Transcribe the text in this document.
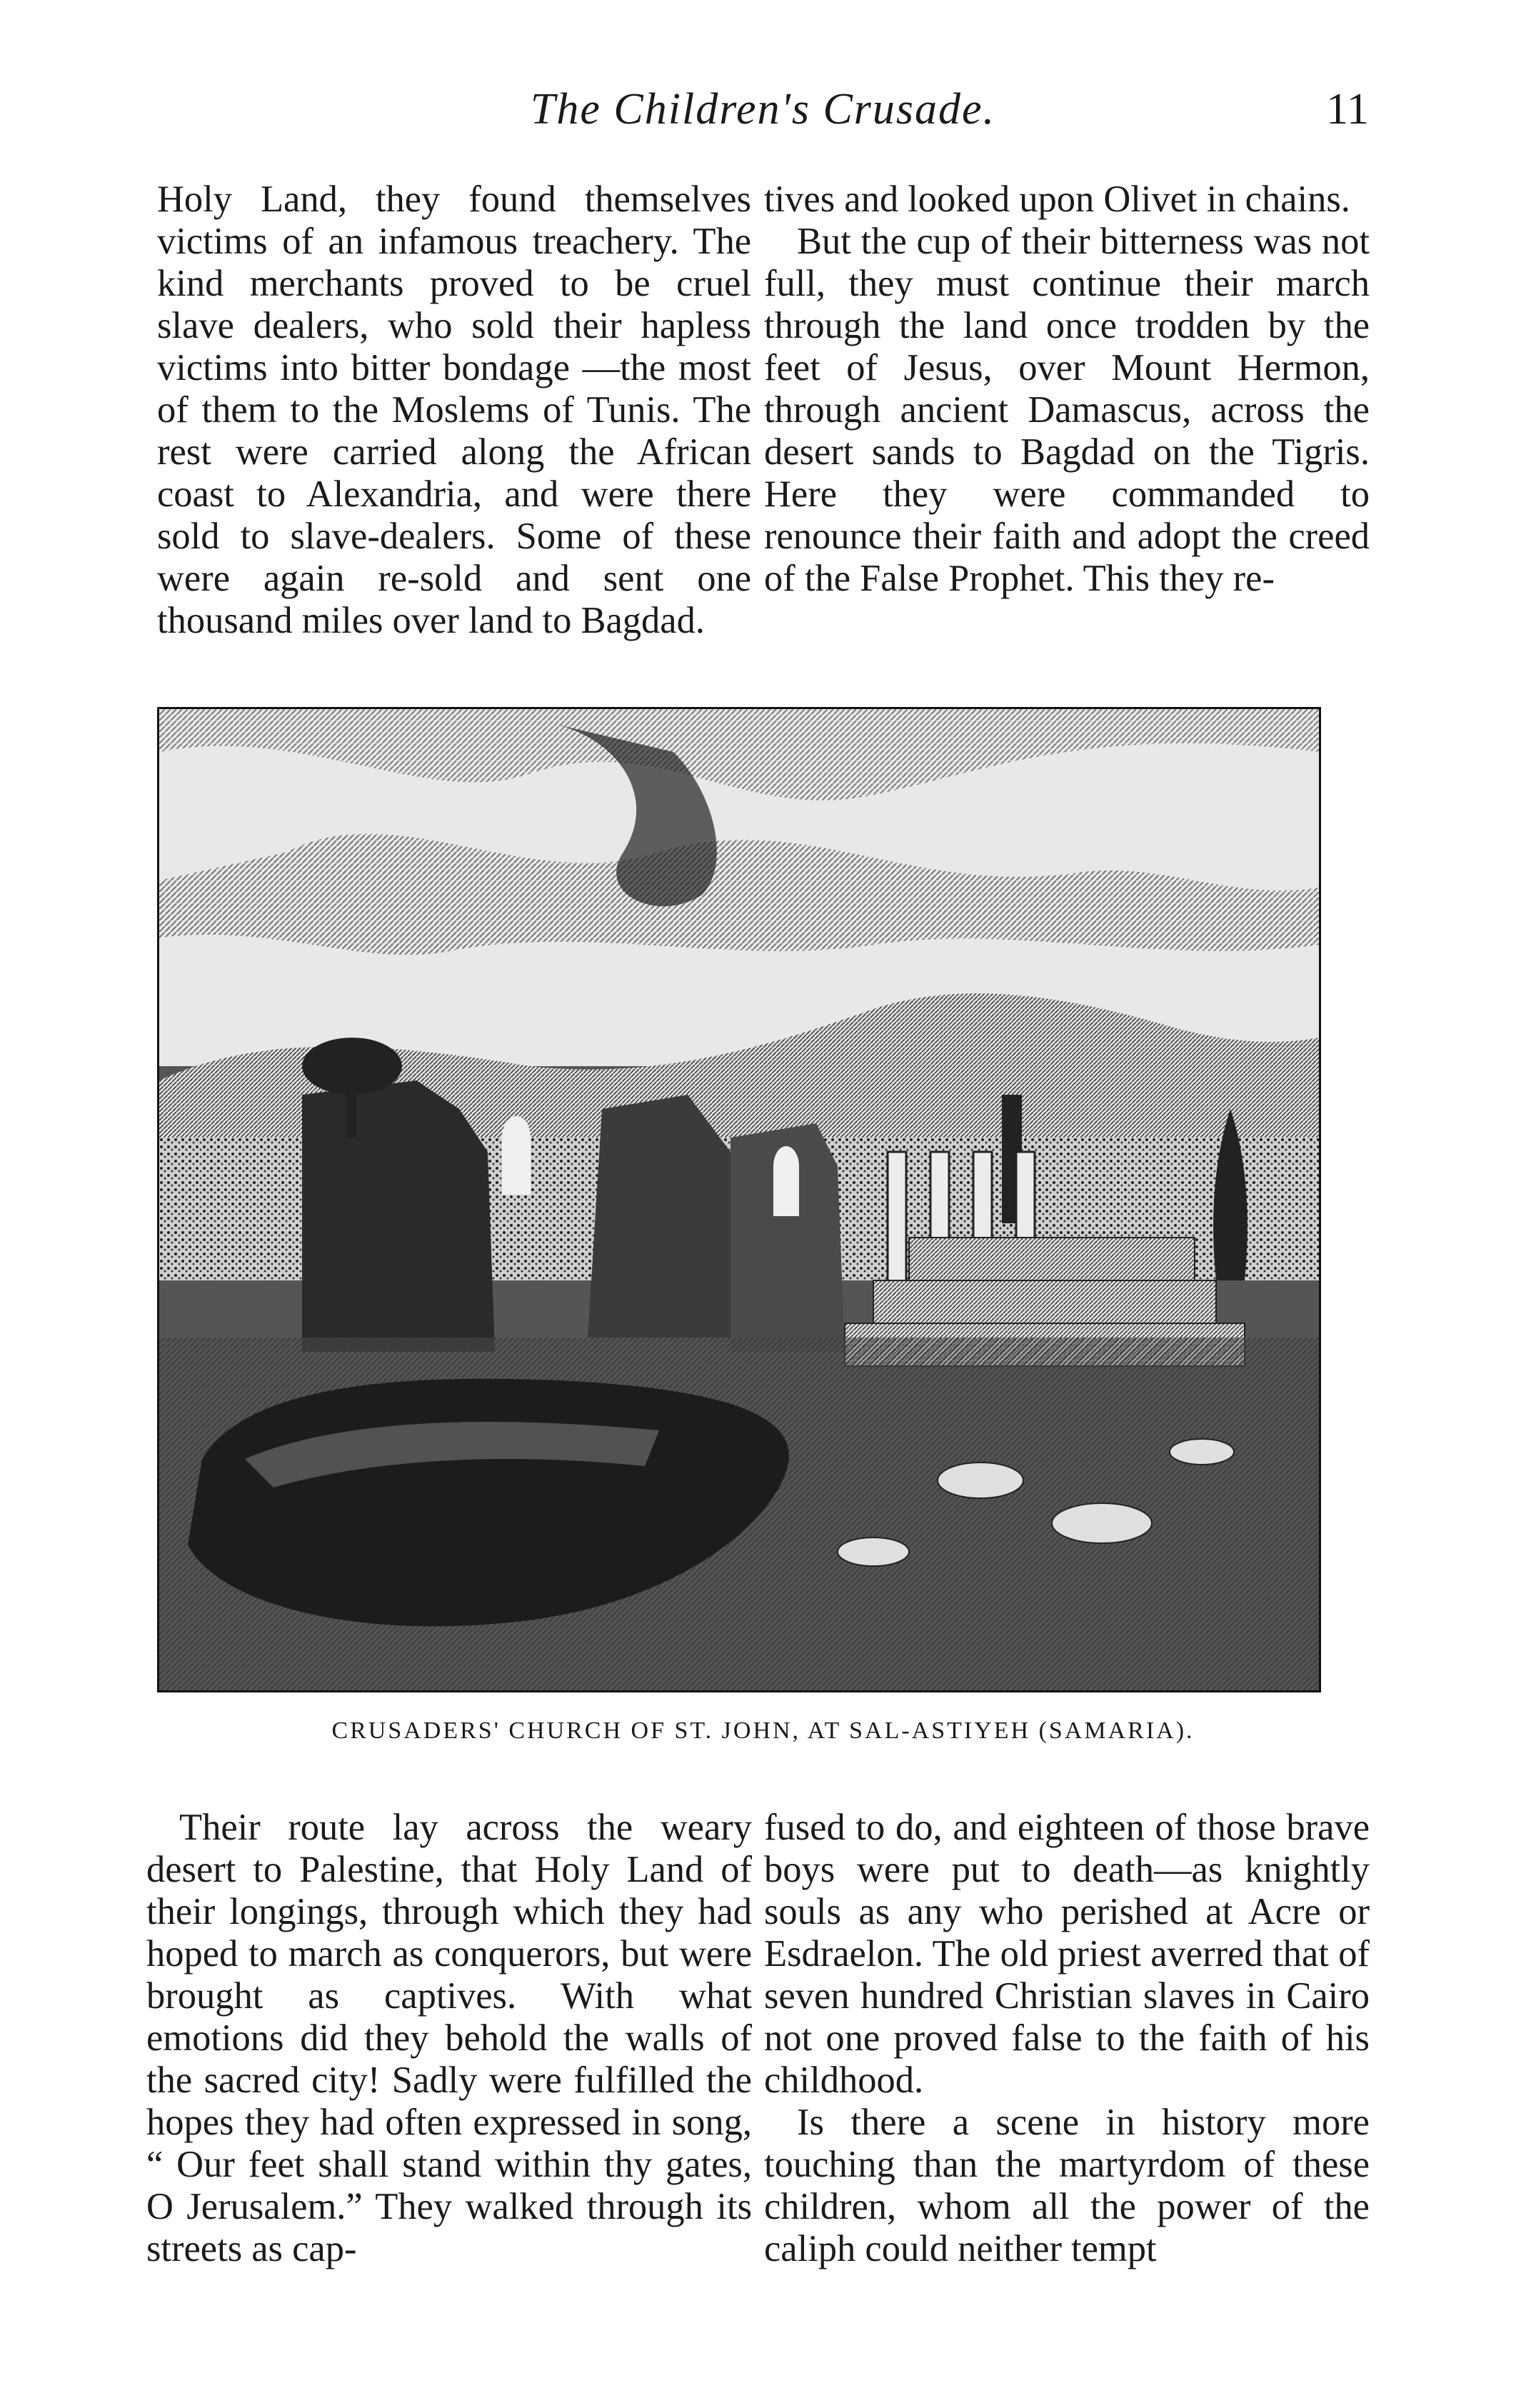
The Children's Crusade.	11

Holy Land, they found themselves victims of an infamous treachery. The kind merchants proved to be cruel slave dealers, who sold their hapless victims into bitter bondage —the most of them to the Moslems of Tunis. The rest were carried along the African coast to Alexandria, and were there sold to slave-dealers. Some of these were again re-sold and sent one thousand miles over land to Bagdad.

tives and looked upon Olivet in chains.

But the cup of their bitterness was not full, they must continue their march through the land once trodden by the feet of Jesus, over Mount Hermon, through ancient Damascus, across the desert sands to Bagdad on the Tigris. Here they were commanded to renounce their faith and adopt the creed of the False Prophet. This they re-

CRUSADERS' CHURCH OF ST. JOHN, AT SAL-ASTIYEH (SAMARIA).

Their route lay across the weary desert to Palestine, that Holy Land of their longings, through which they had hoped to march as conquerors, but were brought as captives. With what emotions did they behold the walls of the sacred city! Sadly were fulfilled the hopes they had often expressed in song, “ Our feet shall stand within thy gates, O Jerusalem.” They walked through its streets as cap-

fused to do, and eighteen of those brave boys were put to death—as knightly souls as any who perished at Acre or Esdraelon. The old priest averred that of seven hundred Christian slaves in Cairo not one proved false to the faith of his childhood.

Is there a scene in history more touching than the martyrdom of these children, whom all the power of the caliph could neither tempt
